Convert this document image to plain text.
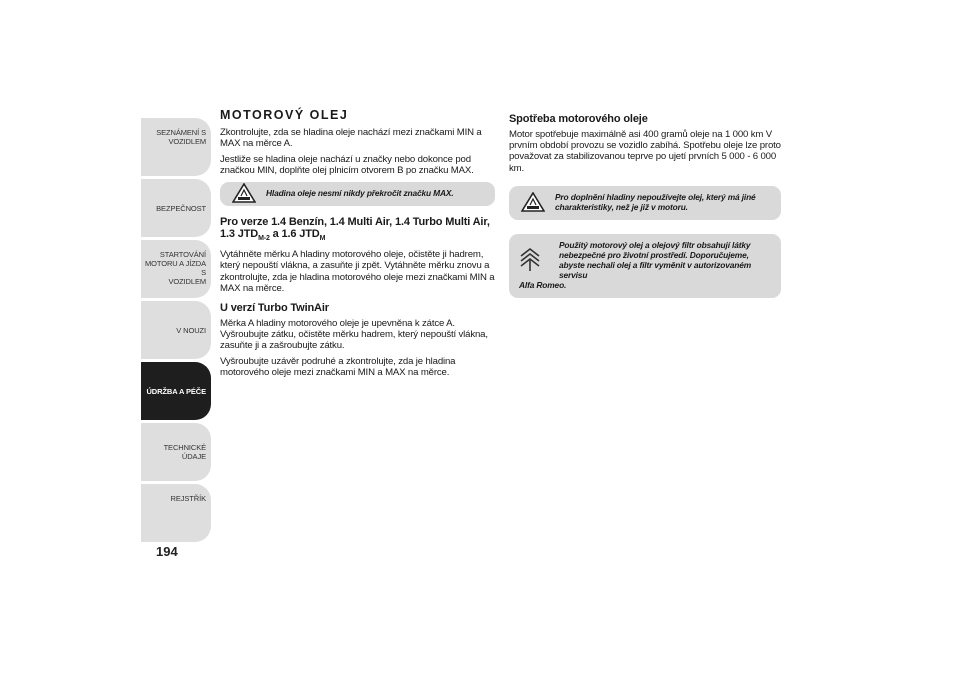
SEZNÁMENÍ S
VOZIDLEM
BEZPEČNOST
STARTOVÁNÍ
MOTORU A JÍZDA S
VOZIDLEM
V NOUZI
ÚDRŽBA A PÉČE
TECHNICKÉ ÚDAJE
REJSTŘÍK
194
MOTOROVÝ OLEJ

Zkontrolujte, zda se hladina oleje nachází mezi značkami MIN a MAX na měrce A.

Jestliže se hladina oleje nachází u značky nebo dokonce pod značkou MIN, doplňte olej plnicím otvorem B po značku MAX.

Hladina oleje nesmí nikdy překročit značku MAX.
Pro verze 1.4 Benzín, 1.4 Multi Air, 1.4 Turbo Multi Air,
1.3 $JTD_{M-2}$ a 1.6 $JTD_M$

Vytáhněte měrku A hladiny motorového oleje, očistěte ji hadrem, který nepouští vlákna, a zasuňte ji zpět. Vytáhněte měrku znovu a zkontrolujte, zda je hladina motorového oleje mezi značkami MIN a MAX na měrce.

U verzí Turbo TwinAir

Měrka A hladiny motorového oleje je upevněna k zátce A. Vyšroubujte zátku, očistěte měrku hadrem, který nepouští vlákna, zasuňte ji a zašroubujte zátku.

Vyšroubujte uzávěr podruhé a zkontrolujte, zda je hladina motorového oleje mezi značkami MIN a MAX na měrce.

Spotřeba motorového oleje

Motor spotřebuje maximálně asi 400 gramů oleje na 1 000 km V prvním období provozu se vozidlo zabíhá. Spotřebu oleje lze proto považovat za stabilizovanou teprve po ujetí prvních 5 000 - 6 000 km.

Pro doplnění hladiny nepoužívejte olej, který má jiné charakteristiky, než je již v motoru.
Použitý motorový olej a olejový filtr obsahují látky nebezpečné pro životní prostředí. Doporučujeme, abyste nechali olej a filtr vyměnit v autorizovaném servisu
Alfa Romeo.
